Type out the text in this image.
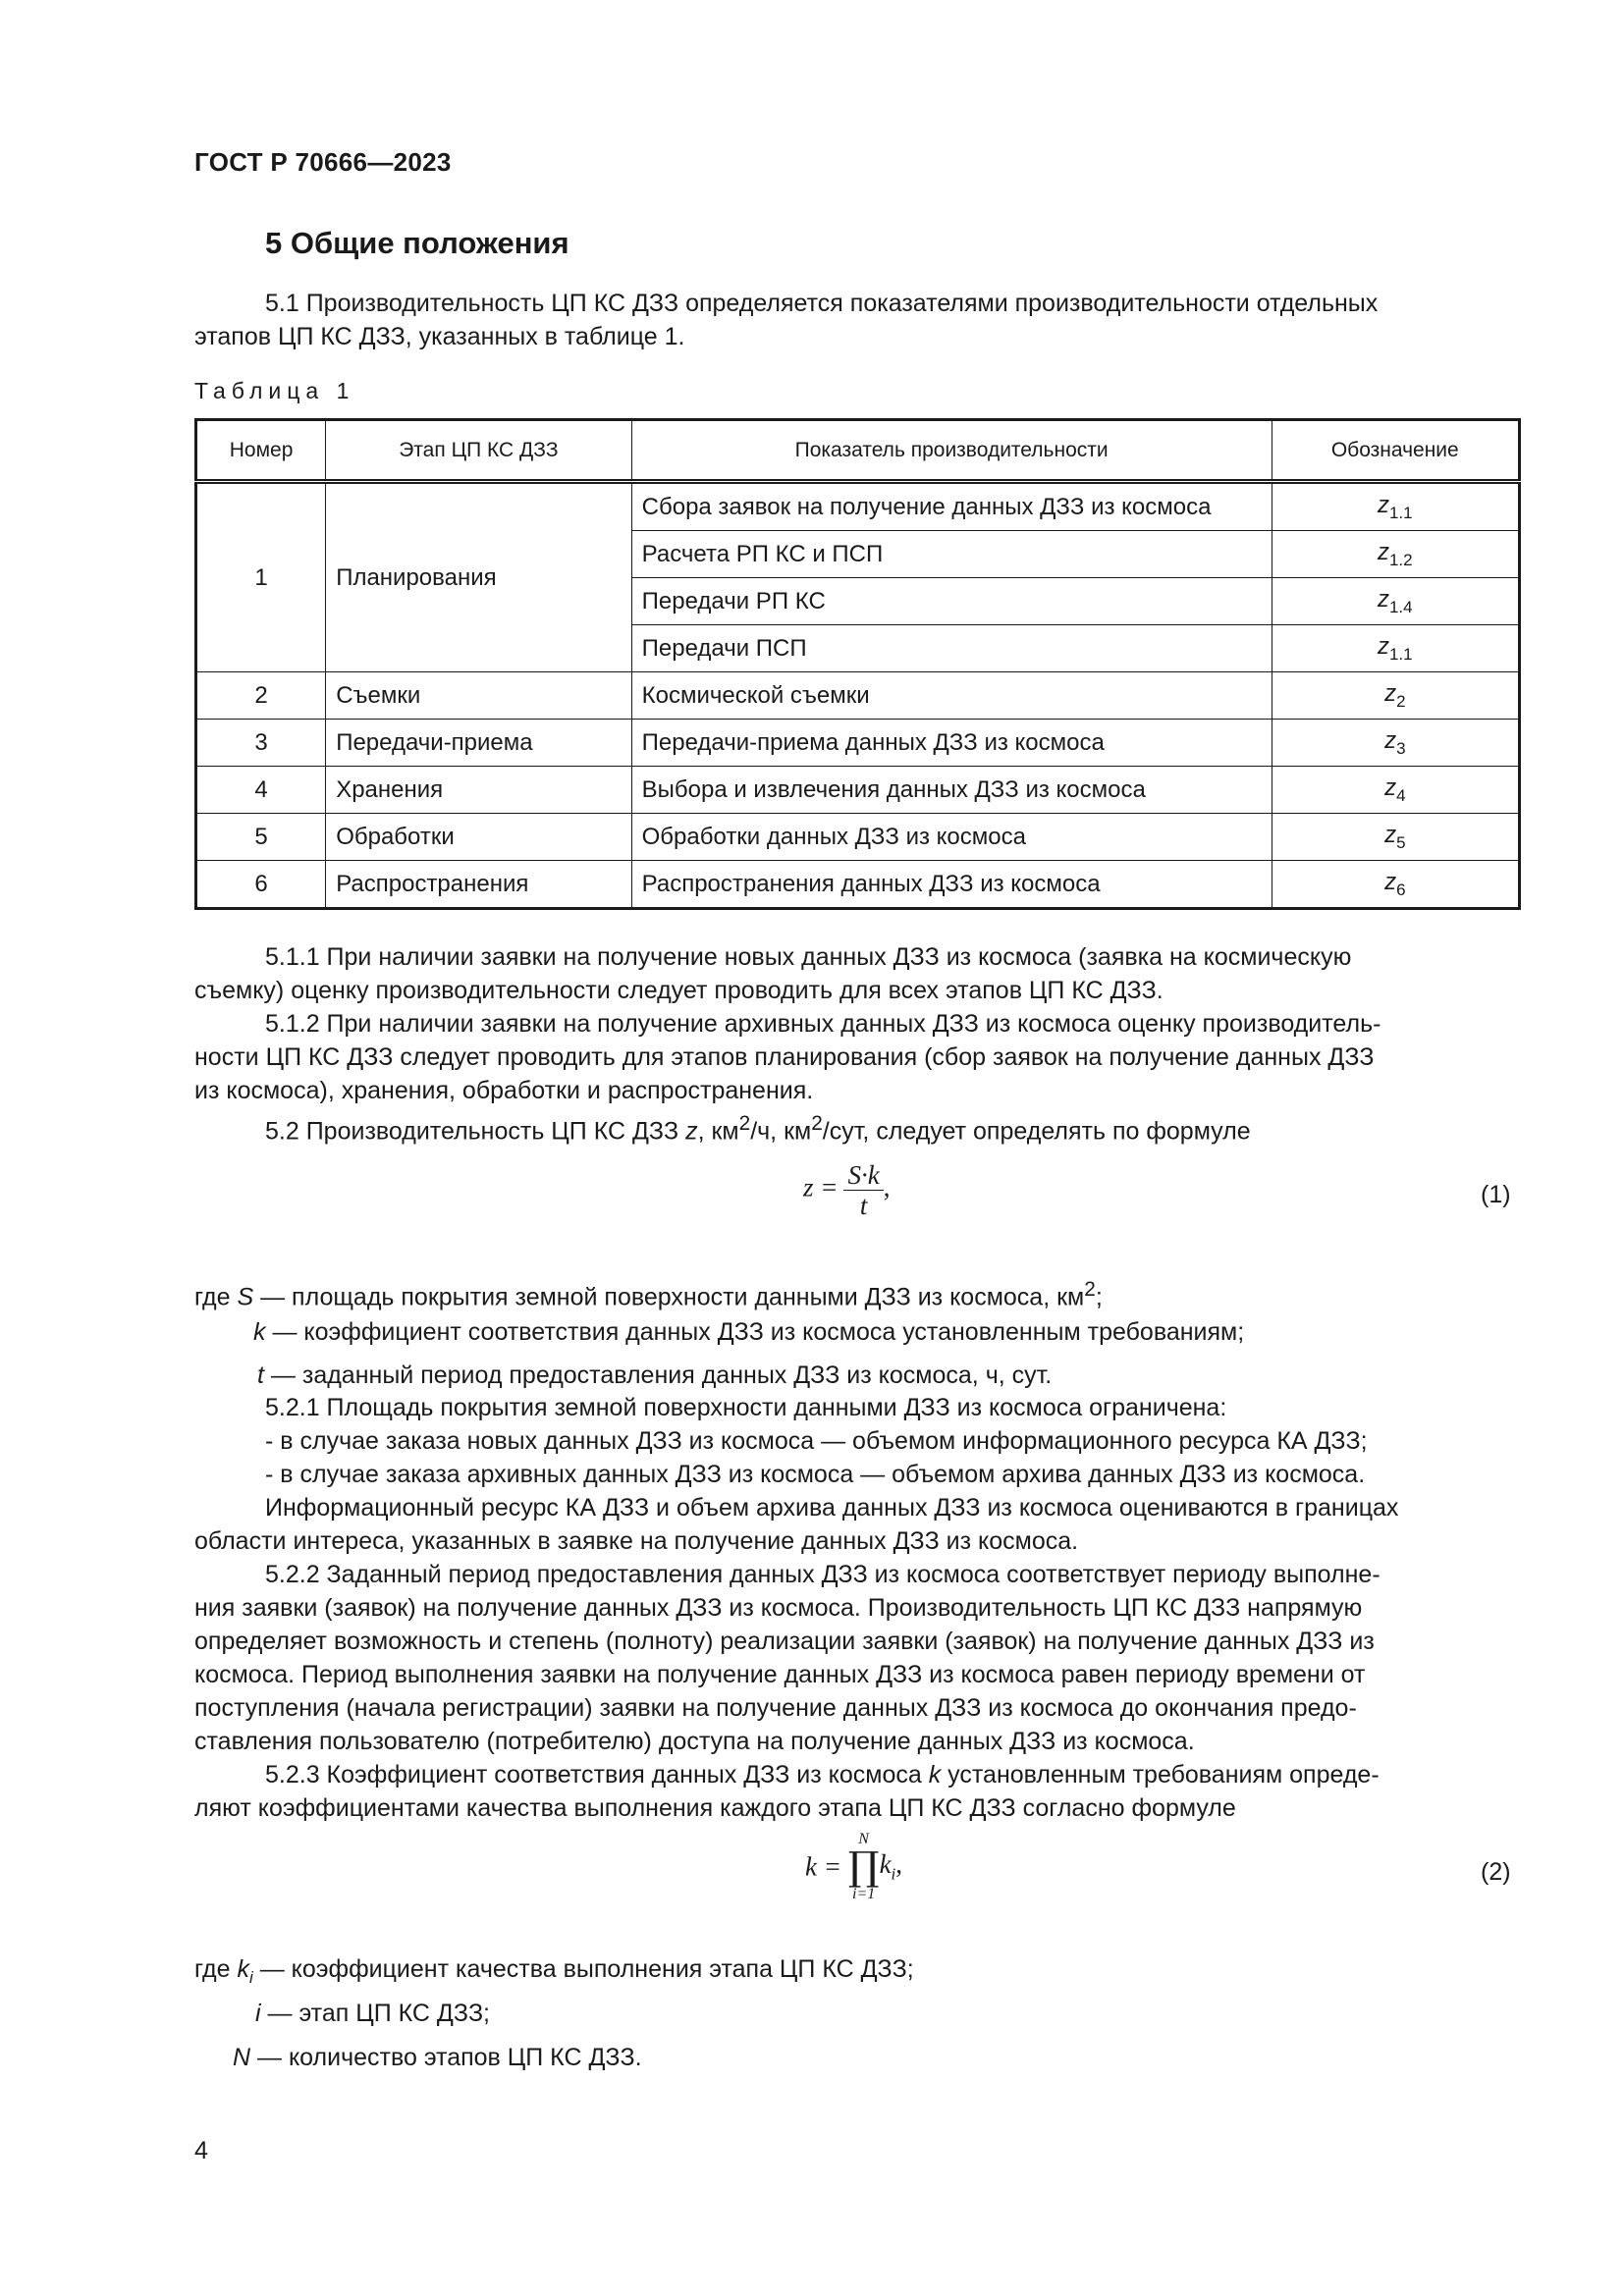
ГОСТ Р 70666—2023
5 Общие положения
5.1 Производительность ЦП КС ДЗЗ определяется показателями производительности отдельных
этапов ЦП КС ДЗЗ, указанных в таблице 1.
Таблица 1
Номер	Этап ЦП КС ДЗЗ	Показатель производительности	Обозначение
1	Планирования	Сбора заявок на получение данных ДЗЗ из космоса	$z_{1.1}$
		Расчета РП КС и ПСП	$z_{1.2}$
		Передачи РП КС	$z_{1.4}$
		Передачи ПСП	$z_{1.1}$
2	Съемки	Космической съемки	$z_2$
3	Передачи-приема	Передачи-приема данных ДЗЗ из космоса	$z_3$
4	Хранения	Выбора и извлечения данных ДЗЗ из космоса	$z_4$
5	Обработки	Обработки данных ДЗЗ из космоса	$z_5$
6	Распространения	Распространения данных ДЗЗ из космоса	$z_6$
5.1.1 При наличии заявки на получение новых данных ДЗЗ из космоса (заявка на космическую
съемку) оценку производительности следует проводить для всех этапов ЦП КС ДЗЗ.
5.1.2 При наличии заявки на получение архивных данных ДЗЗ из космоса оценку производитель-
ности ЦП КС ДЗЗ следует проводить для этапов планирования (сбор заявок на получение данных ДЗЗ
из космоса), хранения, обработки и распространения.
5.2 Производительность ЦП КС ДЗЗ z, $км^2/ч$, $км^2$/сут, следует определять по формуле
$z = \frac{S\cdot k}{t}$ ,	(1)
где S — площадь покрытия земной поверхности данными ДЗЗ из космоса, $км^2$;
k — коэффициент соответствия данных ДЗЗ из космоса установленным требованиям;
t — заданный период предоставления данных ДЗЗ из космоса, ч, сут.
5.2.1 Площадь покрытия земной поверхности данными ДЗЗ из космоса ограничена:
- в случае заказа новых данных ДЗЗ из космоса — объемом информационного ресурса КА ДЗЗ;
- в случае заказа архивных данных ДЗЗ из космоса — объемом архива данных ДЗЗ из космоса.
Информационный ресурс КА ДЗЗ и объем архива данных ДЗЗ из космоса оцениваются в границах
области интереса, указанных в заявке на получение данных ДЗЗ из космоса.
5.2.2 Заданный период предоставления данных ДЗЗ из космоса соответствует периоду выполне-
ния заявки (заявок) на получение данных ДЗЗ из космоса. Производительность ЦП КС ДЗЗ напрямую
определяет возможность и степень (полноту) реализации заявки (заявок) на получение данных ДЗЗ из
космоса. Период выполнения заявки на получение данных ДЗЗ из космоса равен периоду времени от
поступления (начала регистрации) заявки на получение данных ДЗЗ из космоса до окончания предо-
ставления пользователю (потребителю) доступа на получение данных ДЗЗ из космоса.
5.2.3 Коэффициент соответствия данных ДЗЗ из космоса k установленным требованиям опреде-
ляют коэффициентами качества выполнения каждого этапа ЦП КС ДЗЗ согласно формуле
k =
N
∏
i=1
$k_i$,	(2)
где $k_i$ — коэффициент качества выполнения этапа ЦП КС ДЗЗ;
i — этап ЦП КС ДЗЗ;
N — количество этапов ЦП КС ДЗЗ.
4
